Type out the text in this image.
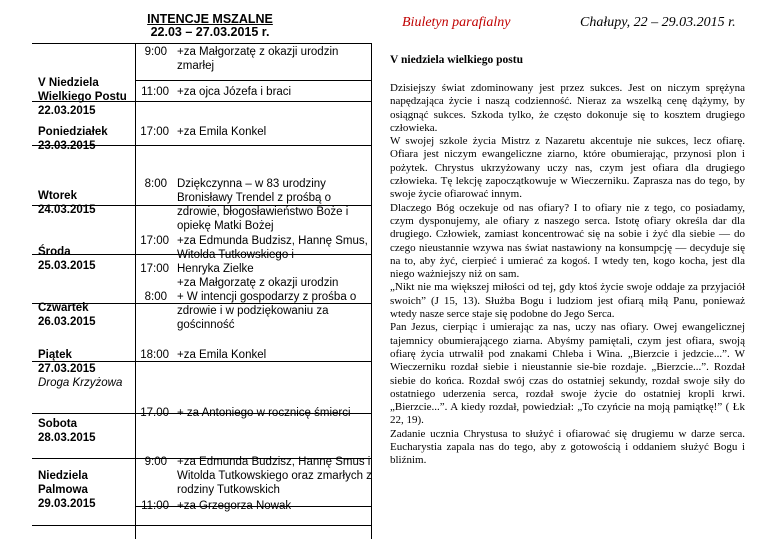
INTENCJE MSZALNE
22.03 – 27.03.2015 r.
V Niedziela Wielkiego Postu
22.03.2015
Poniedziałek
23.03.2015
Wtorek
24.03.2015
Środa
25.03.2015
Czwartek
26.03.2015
Piątek
27.03.2015
Droga Krzyżowa
Sobota
28.03.2015
Niedziela Palmowa
29.03.2015
9:00 +za Małgorzatę z okazji urodzin zmarłej
11:00 +za ojca Józefa i braci
17:00 +za Emila Konkel
8:00 Dziękczynna – w 83 urodziny Bronisławy Trendel z prośbą o zdrowie, błogosławieństwo Boże i opiekę Matki Bożej
17:00 +za Edmunda Budzisz, Hannę Smus, Witolda Tutkowskiego i
17:00 Henryka Zielke
+za Małgorzatę z okazji urodzin
8:00 + W intencji gospodarzy z prośba o zdrowie i w podziękowaniu za gościnność
18:00 +za Emila Konkel
17.00 + za Antoniego w rocznicę śmierci
9:00 +za Edmunda Budzisz, Hannę Smus i Witolda Tutkowskiego oraz zmarłych z rodziny Tutkowskich
11:00 +za Grzegorza Nowak
Biuletyn parafialny	Chałupy, 22 – 29.03.2015 r.
V niedziela wielkiego postu

Dzisiejszy świat zdominowany jest przez sukces. Jest on niczym sprężyna napędzająca życie i naszą codzienność. Nieraz za wszelką cenę dążymy, by osiągnąć sukces. Szkoda tylko, że często dokonuje się to kosztem drugiego człowieka.

W swojej szkole życia Mistrz z Nazaretu akcentuje nie sukces, lecz ofiarę. Ofiara jest niczym ewangeliczne ziarno, które obumierając, przynosi plon i pożytek. Chrystus ukrzyżowany uczy nas, czym jest ofiara dla drugiego człowieka. Tę lekcję zapoczątkowuje w Wieczerniku. Zaprasza nas do tego, by swoje życie ofiarować innym.

Dlaczego Bóg oczekuje od nas ofiary? I to ofiary nie z tego, co posiadamy, czym dysponujemy, ale ofiary z naszego serca. Istotę ofiary określa dar dla drugiego. Człowiek, zamiast koncentrować się na sobie i żyć dla siebie — do czego nieustannie wzywa nas świat nastawiony na konsumpcję — decyduje się na to, aby żyć, cierpieć i umierać za kogoś. I wtedy ten, kogo kocha, jest dla niego ważniejszy niż on sam.

„Nikt nie ma większej miłości od tej, gdy ktoś życie swoje oddaje za przyjaciół swoich” (J 15, 13). Służba Bogu i ludziom jest ofiarą miłą Panu, ponieważ wtedy nasze serce staje się podobne do Jego Serca.

Pan Jezus, cierpiąc i umierając za nas, uczy nas ofiary. Owej ewangelicznej tajemnicy obumierającego ziarna. Abyśmy pamiętali, czym jest ofiara, swoją ofiarę życia utrwalił pod znakami Chleba i Wina. „Bierzcie i jedzcie...”. W Wieczerniku rozdał siebie i nieustannie sie-bie rozdaje. „Bierzcie...”. Rozdał siebie do końca. Rozdał swój czas do ostatniej sekundy, rozdał swoje siły do ostatniego uderzenia serca, rozdał swoje życie do ostatniej kropli krwi. „Bierzcie...”. A kiedy rozdał, powiedział: „To czyńcie na moją pamiątkę!” ( Łk 22, 19).

Zadanie ucznia Chrystusa to służyć i ofiarować się drugiemu w darze serca. Eucharystia zapala nas do tego, aby z gotowością i oddaniem służyć Bogu i bliźnim.
